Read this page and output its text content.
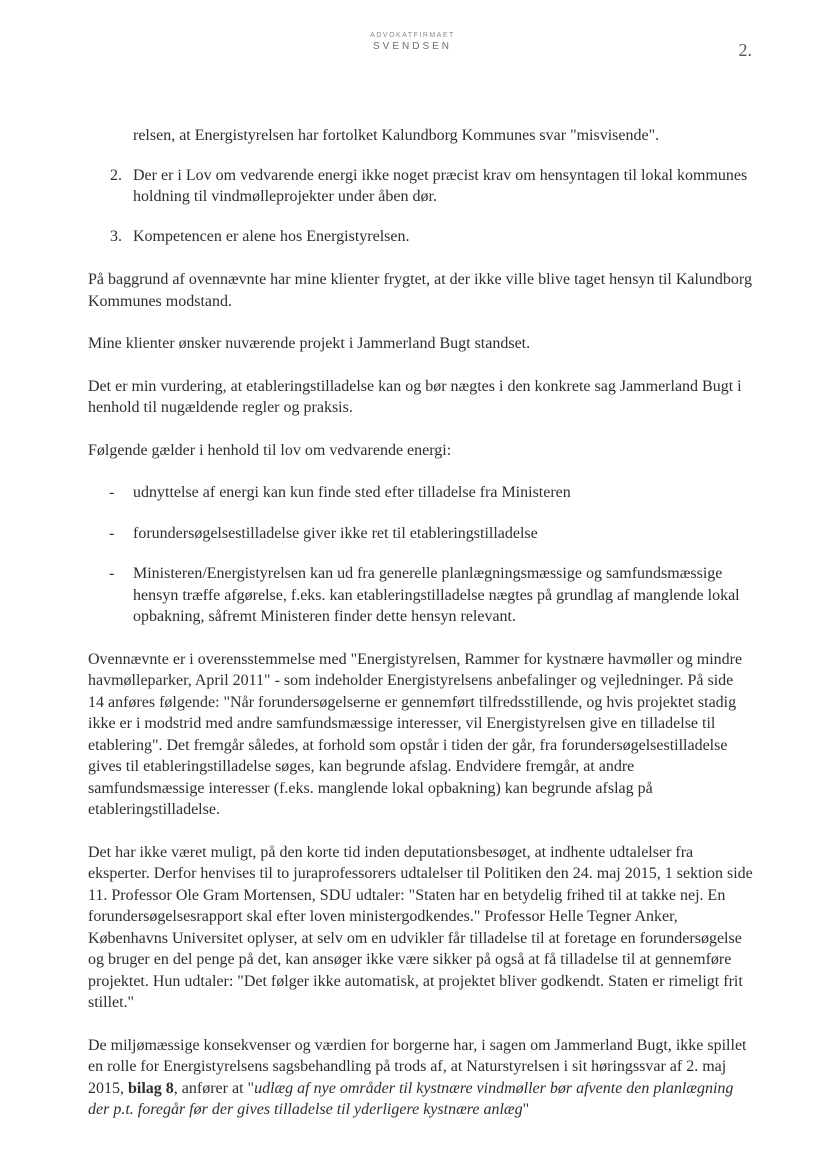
ADVOKATFIRMAET
SVENDSEN	2.

relsen, at Energistyrelsen har fortolket Kalundborg Kommunes svar "misvisende".

2. Der er i Lov om vedvarende energi ikke noget præcist krav om hensyntagen til lokal kommunes holdning til vindmølleprojekter under åben dør.
3. Kompetencen er alene hos Energistyrelsen.

På baggrund af ovennævnte har mine klienter frygtet, at der ikke ville blive taget hensyn til Kalundborg Kommunes modstand.

Mine klienter ønsker nuværende projekt i Jammerland Bugt standset.

Det er min vurdering, at etableringstilladelse kan og bør nægtes i den konkrete sag Jammerland Bugt i henhold til nugældende regler og praksis.

Følgende gælder i henhold til lov om vedvarende energi:

-	udnyttelse af energi kan kun finde sted efter tilladelse fra Ministeren
-	forundersøgelsestilladelse giver ikke ret til etableringstilladelse
-	Ministeren/Energistyrelsen kan ud fra generelle planlægningsmæssige og samfundsmæssige hensyn træffe afgørelse, f.eks. kan etableringstilladelse nægtes på grundlag af manglende lokal opbakning, såfremt Ministeren finder dette hensyn relevant.

Ovennævnte er i overensstemmelse med "Energistyrelsen, Rammer for kystnære havmøller og mindre havmølleparker, April 2011" - som indeholder Energistyrelsens anbefalinger og vejledninger. På side 14 anføres følgende: "Når forundersøgelserne er gennemført tilfredsstillende, og hvis projektet stadig ikke er i modstrid med andre samfundsmæssige interesser, vil Energistyrelsen give en tilladelse til etablering". Det fremgår således, at forhold som opstår i tiden der går, fra forundersøgelsestilladelse gives til etableringstilladelse søges, kan begrunde afslag. Endvidere fremgår, at andre samfundsmæssige interesser (f.eks. manglende lokal opbakning) kan begrunde afslag på etableringstilladelse.

Det har ikke været muligt, på den korte tid inden deputationsbesøget, at indhente udtalelser fra eksperter. Derfor henvises til to juraprofessorers udtalelser til Politiken den 24. maj 2015, 1 sektion side 11. Professor Ole Gram Mortensen, SDU udtaler: "Staten har en betydelig frihed til at takke nej. En forundersøgelsesrapport skal efter loven ministergodkendes." Professor Helle Tegner Anker, Københavns Universitet oplyser, at selv om en udvikler får tilladelse til at foretage en forundersøgelse og bruger en del penge på det, kan ansøger ikke være sikker på også at få tilladelse til at gennemføre projektet. Hun udtaler: "Det følger ikke automatisk, at projektet bliver godkendt. Staten er rimeligt frit stillet."

De miljømæssige konsekvenser og værdien for borgerne har, i sagen om Jammerland Bugt, ikke spillet en rolle for Energistyrelsens sagsbehandling på trods af, at Naturstyrelsen i sit høringssvar af 2. maj 2015, bilag 8, anfører at "udlæg af nye områder til kystnære vindmøller bør afvente den planlægning der p.t. foregår før der gives tilladelse til yderligere kystnære anlæg"
